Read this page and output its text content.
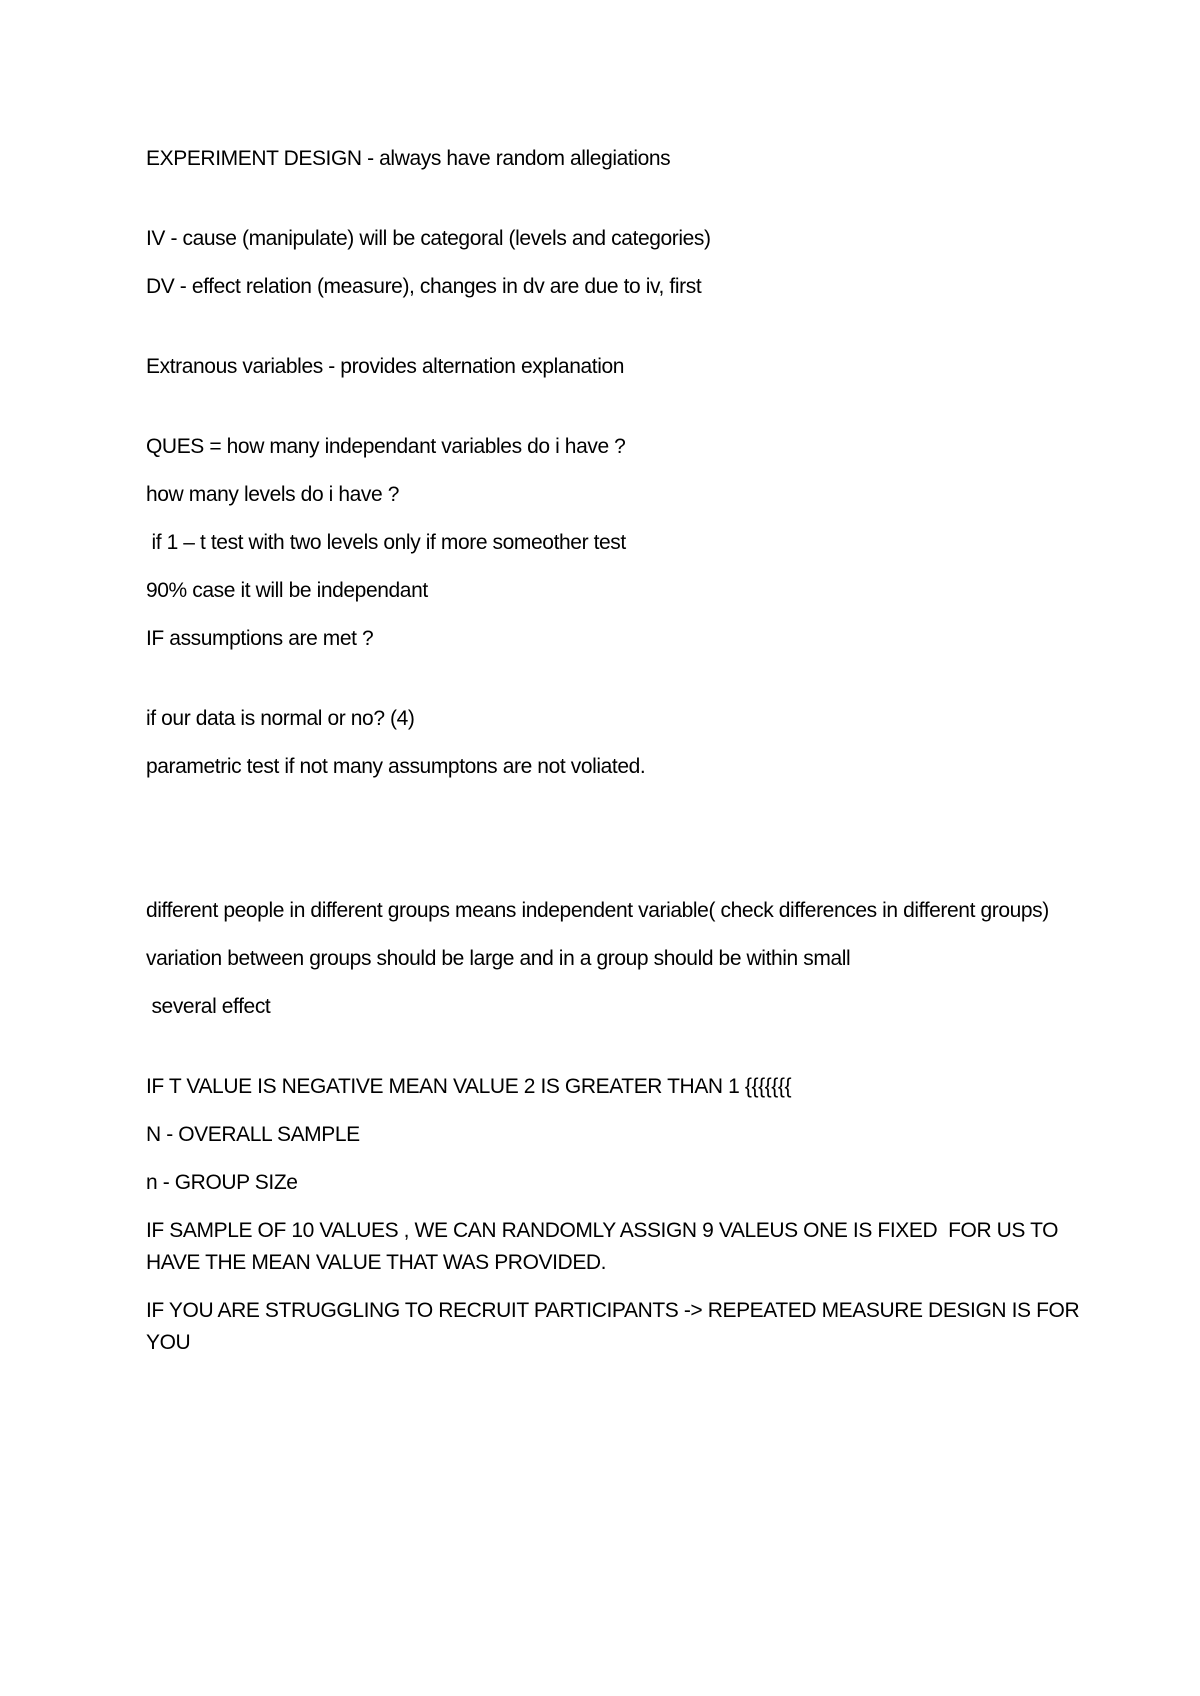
EXPERIMENT DESIGN - always have random allegiations

IV - cause (manipulate) will be categoral (levels and categories)

DV - effect relation (measure), changes in dv are due to iv, first

Extranous variables - provides alternation explanation

QUES = how many independant variables do i have ?

how many levels do i have ?

if 1 – t test with two levels only if more someother test

90% case it will be independant

IF assumptions are met ?

if our data is normal or no? (4)

parametric test if not many assumptons are not voliated.

different people in different groups means independent variable( check differences in different groups)

variation between groups should be large and in a group should be within small

several effect

IF T VALUE IS NEGATIVE MEAN VALUE 2 IS GREATER THAN 1 {{{{{{{

N - OVERALL SAMPLE

n - GROUP SIZe

IF SAMPLE OF 10 VALUES , WE CAN RANDOMLY ASSIGN 9 VALEUS ONE IS FIXED  FOR US TO HAVE THE MEAN VALUE THAT WAS PROVIDED.

IF YOU ARE STRUGGLING TO RECRUIT PARTICIPANTS -> REPEATED MEASURE DESIGN IS FOR YOU
